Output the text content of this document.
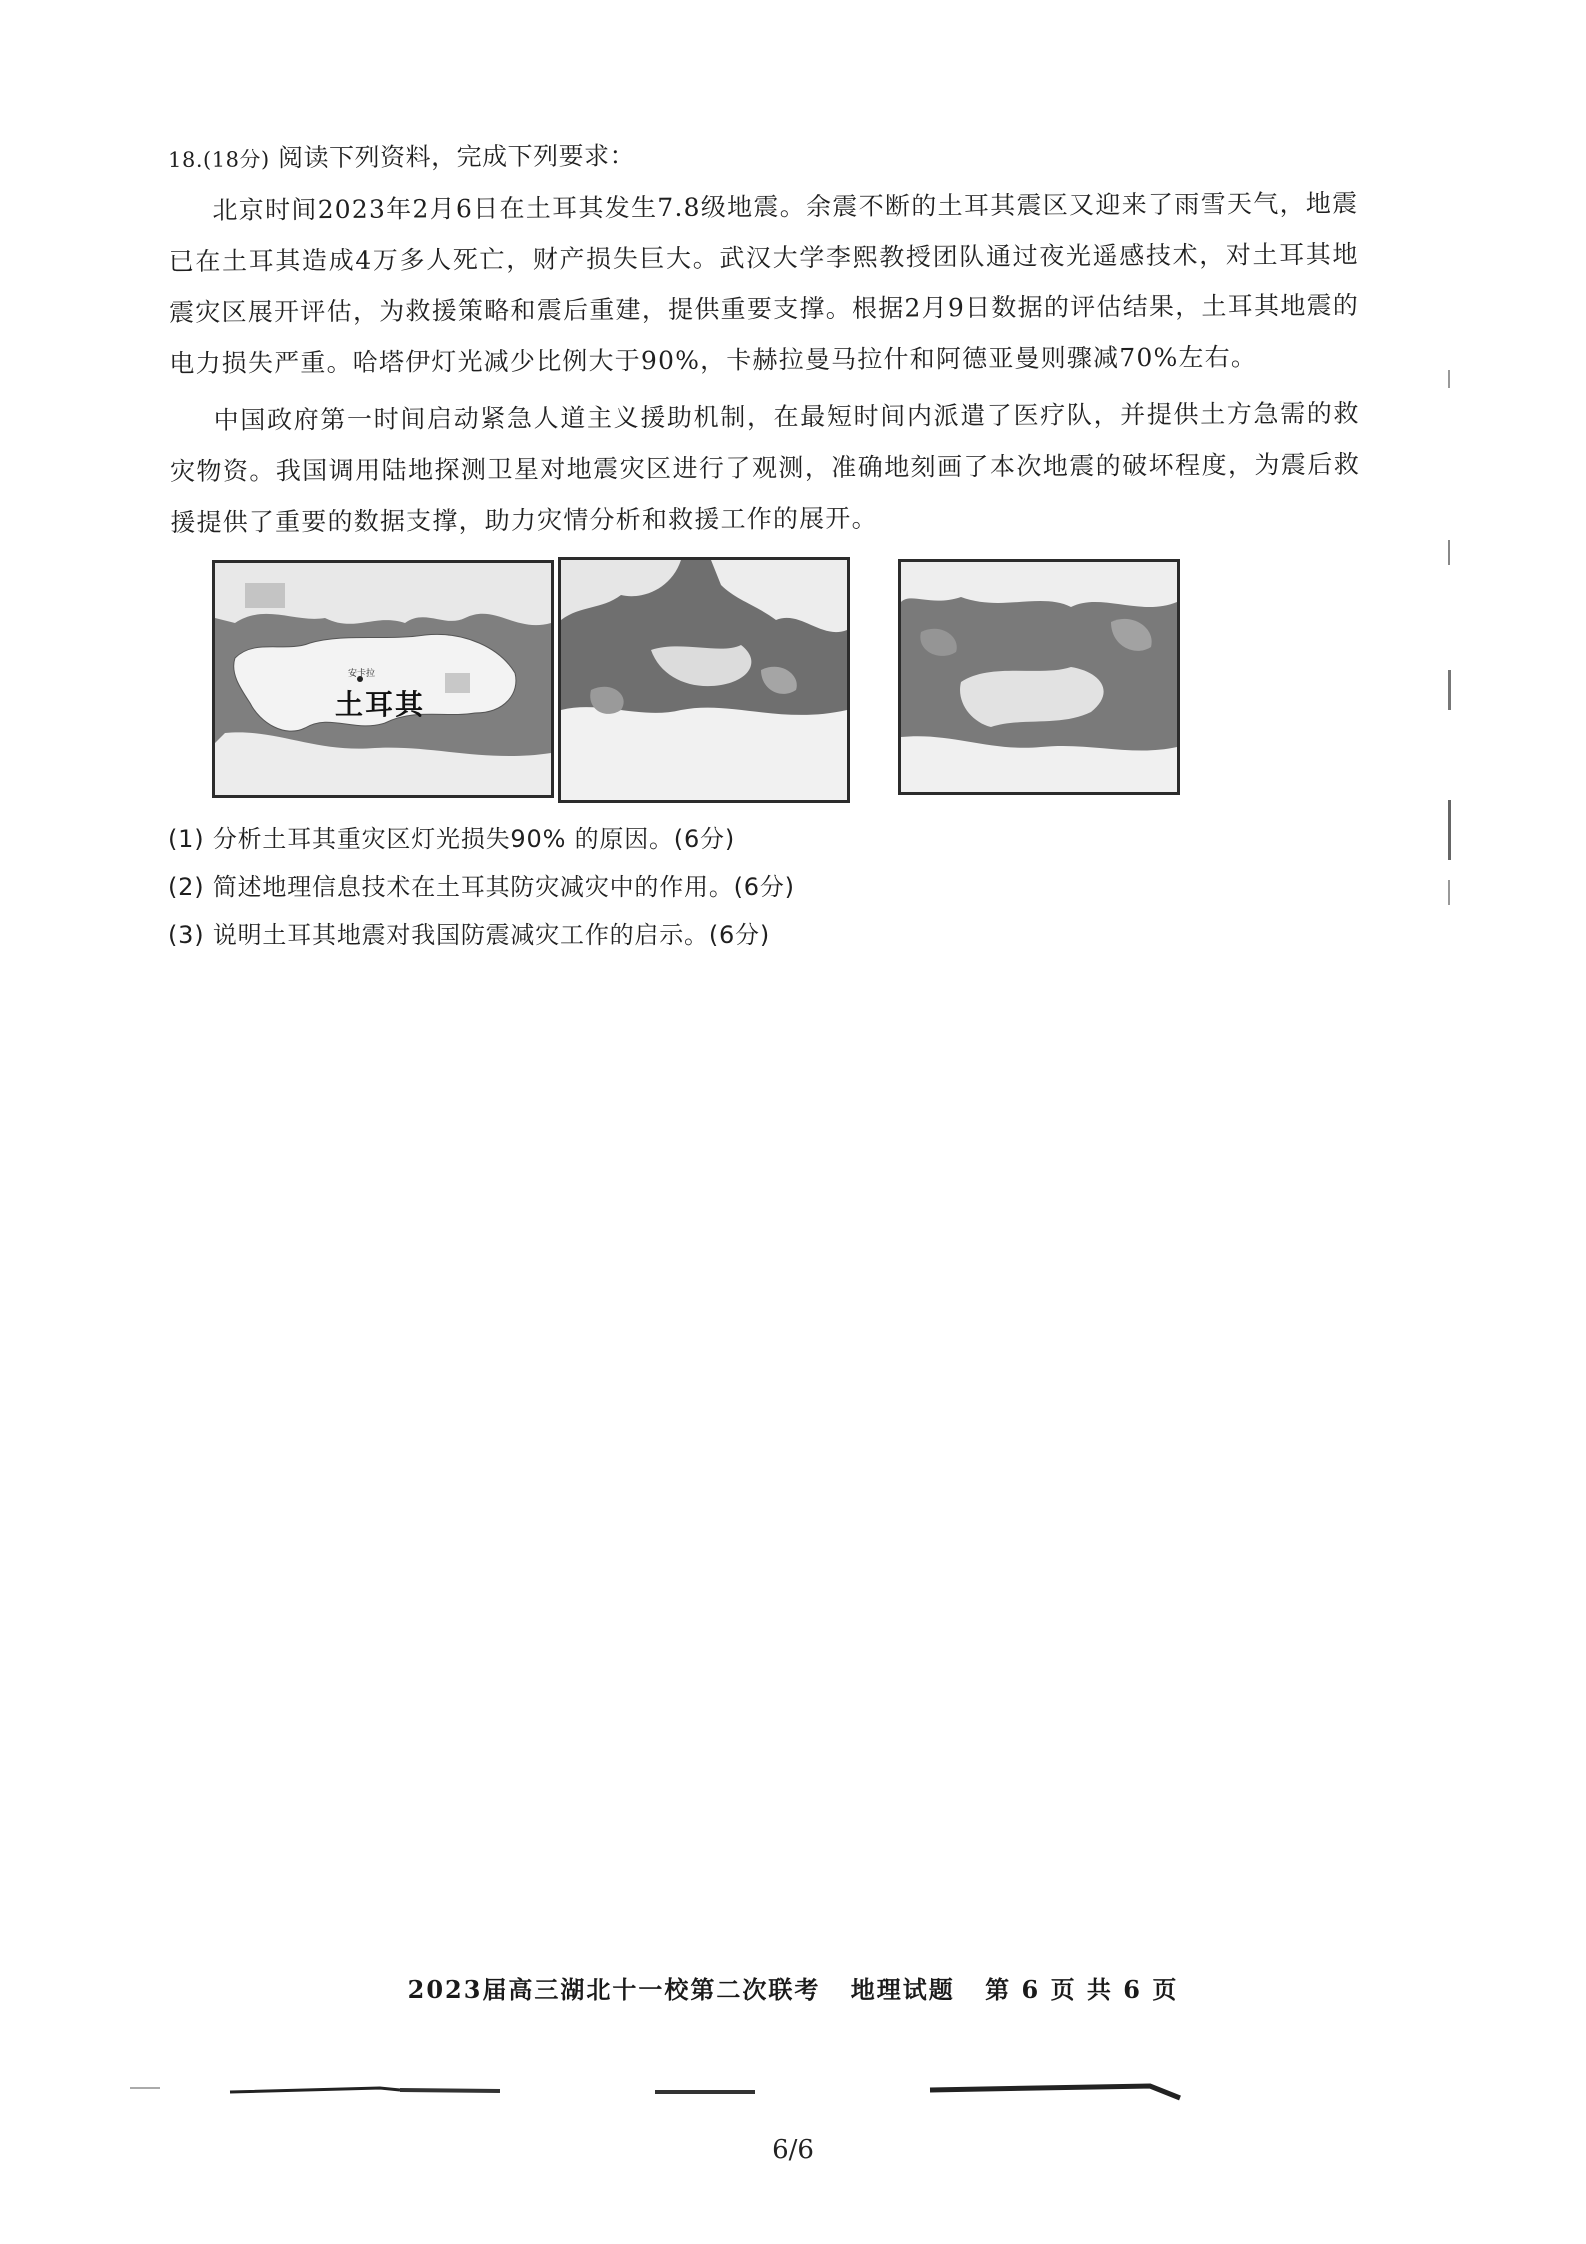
18.(18分) 阅读下列资料，完成下列要求：

北京时间2023年2月6日在土耳其发生7.8级地震。余震不断的土耳其震区又迎来了雨雪天气，地震已在土耳其造成4万多人死亡，财产损失巨大。武汉大学李熙教授团队通过夜光遥感技术，对土耳其地震灾区展开评估，为救援策略和震后重建，提供重要支撑。根据2月9日数据的评估结果，土耳其地震的电力损失严重。哈塔伊灯光减少比例大于90%，卡赫拉曼马拉什和阿德亚曼则骤减70%左右。

中国政府第一时间启动紧急人道主义援助机制，在最短时间内派遣了医疗队，并提供土方急需的救灾物资。我国调用陆地探测卫星对地震灾区进行了观测，准确地刻画了本次地震的破坏程度，为震后救援提供了重要的数据支撑，助力灾情分析和救援工作的展开。

安卡拉
土耳其

(1) 分析土耳其重灾区灯光损失90% 的原因。(6分)

(2) 简述地理信息技术在土耳其防灾减灾中的作用。(6分)

(3) 说明土耳其地震对我国防震减灾工作的启示。(6分)

2023届高三湖北十一校第二次联考 地理试题 第 6 页 共 6 页
6/6
